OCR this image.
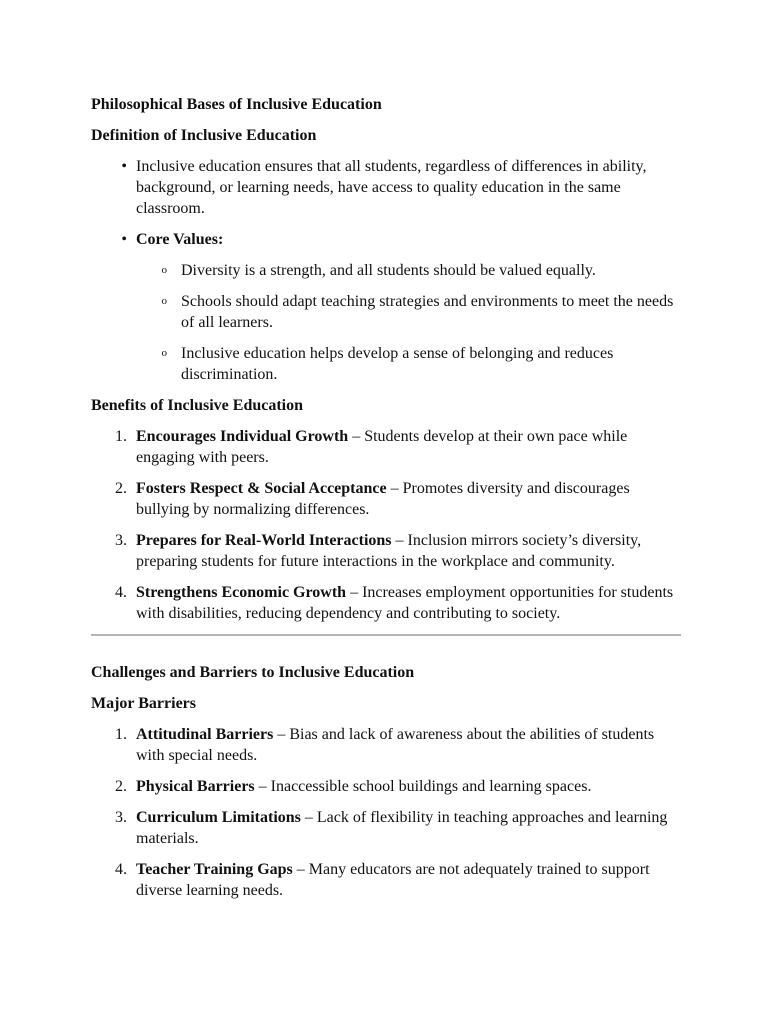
Philosophical Bases of Inclusive Education

Definition of Inclusive Education

• Inclusive education ensures that all students, regardless of differences in ability, background, or learning needs, have access to quality education in the same classroom.
• Core Values:
o Diversity is a strength, and all students should be valued equally.
o Schools should adapt teaching strategies and environments to meet the needs of all learners.
o Inclusive education helps develop a sense of belonging and reduces discrimination.

Benefits of Inclusive Education

1. Encourages Individual Growth – Students develop at their own pace while engaging with peers.
2. Fosters Respect & Social Acceptance – Promotes diversity and discourages bullying by normalizing differences.
3. Prepares for Real-World Interactions – Inclusion mirrors society’s diversity, preparing students for future interactions in the workplace and community.
4. Strengthens Economic Growth – Increases employment opportunities for students with disabilities, reducing dependency and contributing to society.

Challenges and Barriers to Inclusive Education

Major Barriers

1. Attitudinal Barriers – Bias and lack of awareness about the abilities of students with special needs.
2. Physical Barriers – Inaccessible school buildings and learning spaces.
3. Curriculum Limitations – Lack of flexibility in teaching approaches and learning materials.
4. Teacher Training Gaps – Many educators are not adequately trained to support diverse learning needs.
